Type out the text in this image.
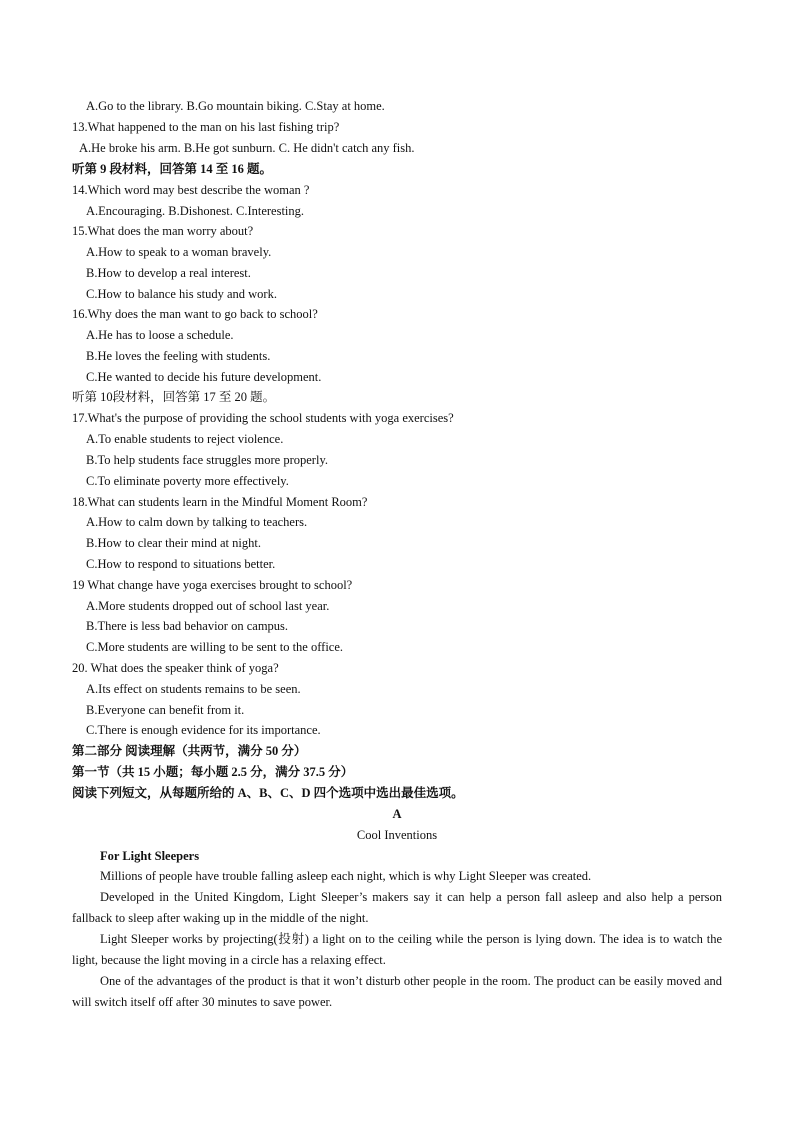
A.Go to the library. B.Go mountain biking. C.Stay at home.
13.What happened to the man on his last fishing trip?
A.He broke his arm. B.He got sunburn. C. He didn't catch any fish.
听第 9 段材料，回答第 14 至 16 题。
14.Which word may best describe the woman ?
A.Encouraging. B.Dishonest. C.Interesting.
15.What does the man worry about?
A.How to speak to a woman bravely.
B.How to develop a real interest.
C.How to balance his study and work.
16.Why does the man want to go back to school?
A.He has to loose a schedule.
B.He loves the feeling with students.
C.He wanted to decide his future development.
听第 10段材料，回答第 17 至 20 题。
17.What's the purpose of providing the school students with yoga exercises?
A.To enable students to reject violence.
B.To help students face struggles more properly.
C.To eliminate poverty more effectively.
18.What can students learn in the Mindful Moment Room?
A.How to calm down by talking to teachers.
B.How to clear their mind at night.
C.How to respond to situations better.
19 What change have yoga exercises brought to school?
A.More students dropped out of school last year.
B.There is less bad behavior on campus.
C.More students are willing to be sent to the office.
20. What does the speaker think of yoga?
A.Its effect on students remains to be seen.
B.Everyone can benefit from it.
C.There is enough evidence for its importance.
第二部分 阅读理解（共两节，满分 50 分）
第一节（共 15 小题；每小题 2.5 分，满分 37.5 分）
阅读下列短文，从每题所给的 A、B、C、D 四个选项中选出最佳选项。
A
Cool Inventions
For Light Sleepers
Millions of people have trouble falling asleep each night, which is why Light Sleeper was created.
Developed in the United Kingdom, Light Sleeper’s makers say it can help a person fall asleep and also help a person fallback to sleep after waking up in the middle of the night.
Light Sleeper works by projecting(投射) a light on to the ceiling while the person is lying down. The idea is to watch the light, because the light moving in a circle has a relaxing effect.
One of the advantages of the product is that it won’t disturb other people in the room. The product can be easily moved and will switch itself off after 30 minutes to save power.
